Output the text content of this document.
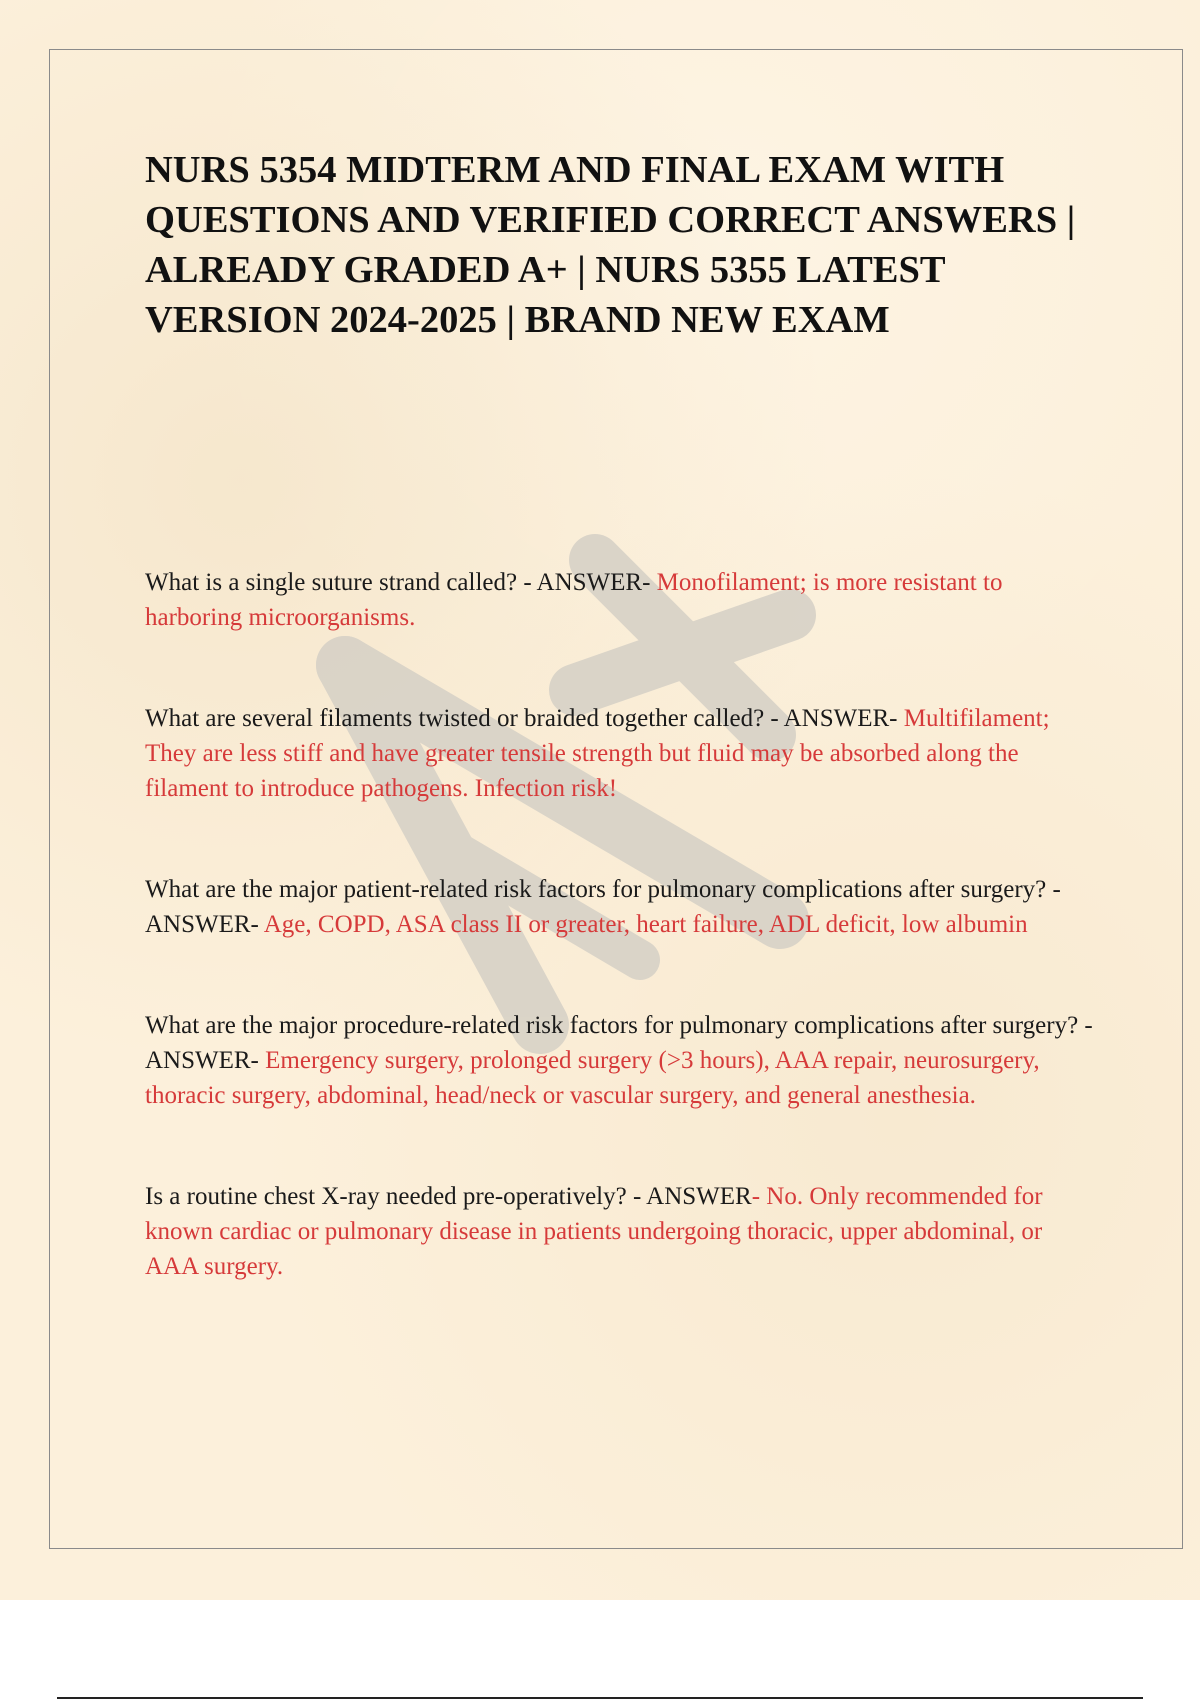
NURS 5354 MIDTERM AND FINAL EXAM WITH QUESTIONS AND VERIFIED CORRECT ANSWERS | ALREADY GRADED A+ | NURS 5355 LATEST VERSION 2024-2025 | BRAND NEW EXAM

What is a single suture strand called? - ANSWER- Monofilament; is more resistant to harboring microorganisms.

What are several filaments twisted or braided together called? - ANSWER- Multifilament; They are less stiff and have greater tensile strength but fluid may be absorbed along the filament to introduce pathogens. Infection risk!

What are the major patient-related risk factors for pulmonary complications after surgery? - ANSWER- Age, COPD, ASA class II or greater, heart failure, ADL deficit, low albumin

What are the major procedure-related risk factors for pulmonary complications after surgery? - ANSWER- Emergency surgery, prolonged surgery (>3 hours), AAA repair, neurosurgery, thoracic surgery, abdominal, head/neck or vascular surgery, and general anesthesia.

Is a routine chest X-ray needed pre-operatively? - ANSWER- No. Only recommended for known cardiac or pulmonary disease in patients undergoing thoracic, upper abdominal, or AAA surgery.
